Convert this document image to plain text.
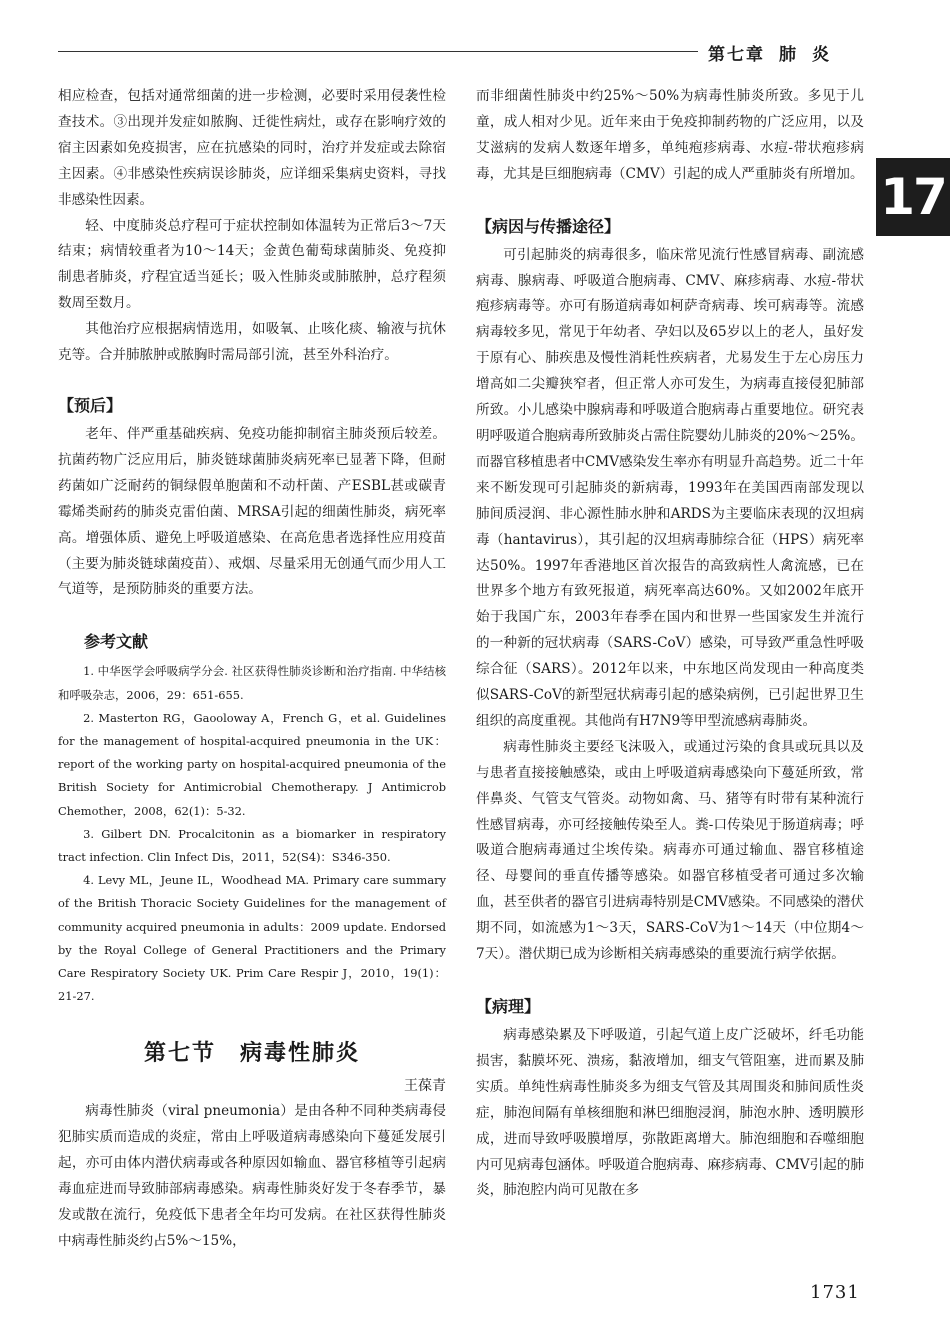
第七章 肺 炎
17

相应检查，包括对通常细菌的进一步检测，必要时采用侵袭性检查技术。③出现并发症如脓胸、迁徙性病灶，或存在影响疗效的宿主因素如免疫损害，应在抗感染的同时，治疗并发症或去除宿主因素。④非感染性疾病误诊肺炎，应详细采集病史资料，寻找非感染性因素。

轻、中度肺炎总疗程可于症状控制如体温转为正常后3～7天结束；病情较重者为10～14天；金黄色葡萄球菌肺炎、免疫抑制患者肺炎，疗程宜适当延长；吸入性肺炎或肺脓肿，总疗程须数周至数月。

其他治疗应根据病情选用，如吸氧、止咳化痰、输液与抗休克等。合并肺脓肿或脓胸时需局部引流，甚至外科治疗。

【预后】

老年、伴严重基础疾病、免疫功能抑制宿主肺炎预后较差。抗菌药物广泛应用后，肺炎链球菌肺炎病死率已显著下降，但耐药菌如广泛耐药的铜绿假单胞菌和不动杆菌、产ESBL甚或碳青霉烯类耐药的肺炎克雷伯菌、MRSA引起的细菌性肺炎，病死率高。增强体质、避免上呼吸道感染、在高危患者选择性应用疫苗（主要为肺炎链球菌疫苗）、戒烟、尽量采用无创通气而少用人工气道等，是预防肺炎的重要方法。

参考文献

1. 中华医学会呼吸病学分会. 社区获得性肺炎诊断和治疗指南. 中华结核和呼吸杂志，2006，29：651-655.

2. Masterton RG，Gaooloway A，French G，et al. Guidelines for the management of hospital-acquired pneumonia in the UK：report of the working party on hospital-acquired pneumonia of the British Society for Antimicrobial Chemotherapy. J Antimicrob Chemother，2008，62(1)：5-32.

3. Gilbert DN. Procalcitonin as a biomarker in respiratory tract infection. Clin Infect Dis，2011，52(S4)：S346-350.

4. Levy ML，Jeune IL，Woodhead MA. Primary care summary of the British Thoracic Society Guidelines for the management of community acquired pneumonia in adults：2009 update. Endorsed by the Royal College of General Practitioners and the Primary Care Respiratory Society UK. Prim Care Respir J，2010，19(1)：21-27.

第七节　病毒性肺炎
王葆青

病毒性肺炎（viral pneumonia）是由各种不同种类病毒侵犯肺实质而造成的炎症，常由上呼吸道病毒感染向下蔓延发展引起，亦可由体内潜伏病毒或各种原因如输血、器官移植等引起病毒血症进而导致肺部病毒感染。病毒性肺炎好发于冬春季节，暴发或散在流行，免疫低下患者全年均可发病。在社区获得性肺炎中病毒性肺炎约占5%～15%，

而非细菌性肺炎中约25%～50%为病毒性肺炎所致。多见于儿童，成人相对少见。近年来由于免疫抑制药物的广泛应用，以及艾滋病的发病人数逐年增多，单纯疱疹病毒、水痘-带状疱疹病毒，尤其是巨细胞病毒（CMV）引起的成人严重肺炎有所增加。

【病因与传播途径】

可引起肺炎的病毒很多，临床常见流行性感冒病毒、副流感病毒、腺病毒、呼吸道合胞病毒、CMV、麻疹病毒、水痘-带状疱疹病毒等。亦可有肠道病毒如柯萨奇病毒、埃可病毒等。流感病毒较多见，常见于年幼者、孕妇以及65岁以上的老人，虽好发于原有心、肺疾患及慢性消耗性疾病者，尤易发生于左心房压力增高如二尖瓣狭窄者，但正常人亦可发生，为病毒直接侵犯肺部所致。小儿感染中腺病毒和呼吸道合胞病毒占重要地位。研究表明呼吸道合胞病毒所致肺炎占需住院婴幼儿肺炎的20%～25%。而器官移植患者中CMV感染发生率亦有明显升高趋势。近二十年来不断发现可引起肺炎的新病毒，1993年在美国西南部发现以肺间质浸润、非心源性肺水肿和ARDS为主要临床表现的汉坦病毒（hantavirus），其引起的汉坦病毒肺综合征（HPS）病死率达50%。1997年香港地区首次报告的高致病性人禽流感，已在世界多个地方有致死报道，病死率高达60%。又如2002年底开始于我国广东，2003年春季在国内和世界一些国家发生并流行的一种新的冠状病毒（SARS-CoV）感染，可导致严重急性呼吸综合征（SARS）。2012年以来，中东地区尚发现由一种高度类似SARS-CoV的新型冠状病毒引起的感染病例，已引起世界卫生组织的高度重视。其他尚有H7N9等甲型流感病毒肺炎。

病毒性肺炎主要经飞沫吸入，或通过污染的食具或玩具以及与患者直接接触感染，或由上呼吸道病毒感染向下蔓延所致，常伴鼻炎、气管支气管炎。动物如禽、马、猪等有时带有某种流行性感冒病毒，亦可经接触传染至人。粪-口传染见于肠道病毒；呼吸道合胞病毒通过尘埃传染。病毒亦可通过输血、器官移植途径、母婴间的垂直传播等感染。如器官移植受者可通过多次输血，甚至供者的器官引进病毒特别是CMV感染。不同感染的潜伏期不同，如流感为1～3天，SARS-CoV为1～14天（中位期4～7天）。潜伏期已成为诊断相关病毒感染的重要流行病学依据。

【病理】

病毒感染累及下呼吸道，引起气道上皮广泛破坏，纤毛功能损害，黏膜坏死、溃疡，黏液增加，细支气管阻塞，进而累及肺实质。单纯性病毒性肺炎多为细支气管及其周围炎和肺间质性炎症，肺泡间隔有单核细胞和淋巴细胞浸润，肺泡水肿、透明膜形成，进而导致呼吸膜增厚，弥散距离增大。肺泡细胞和吞噬细胞内可见病毒包涵体。呼吸道合胞病毒、麻疹病毒、CMV引起的肺炎，肺泡腔内尚可见散在多

1731
